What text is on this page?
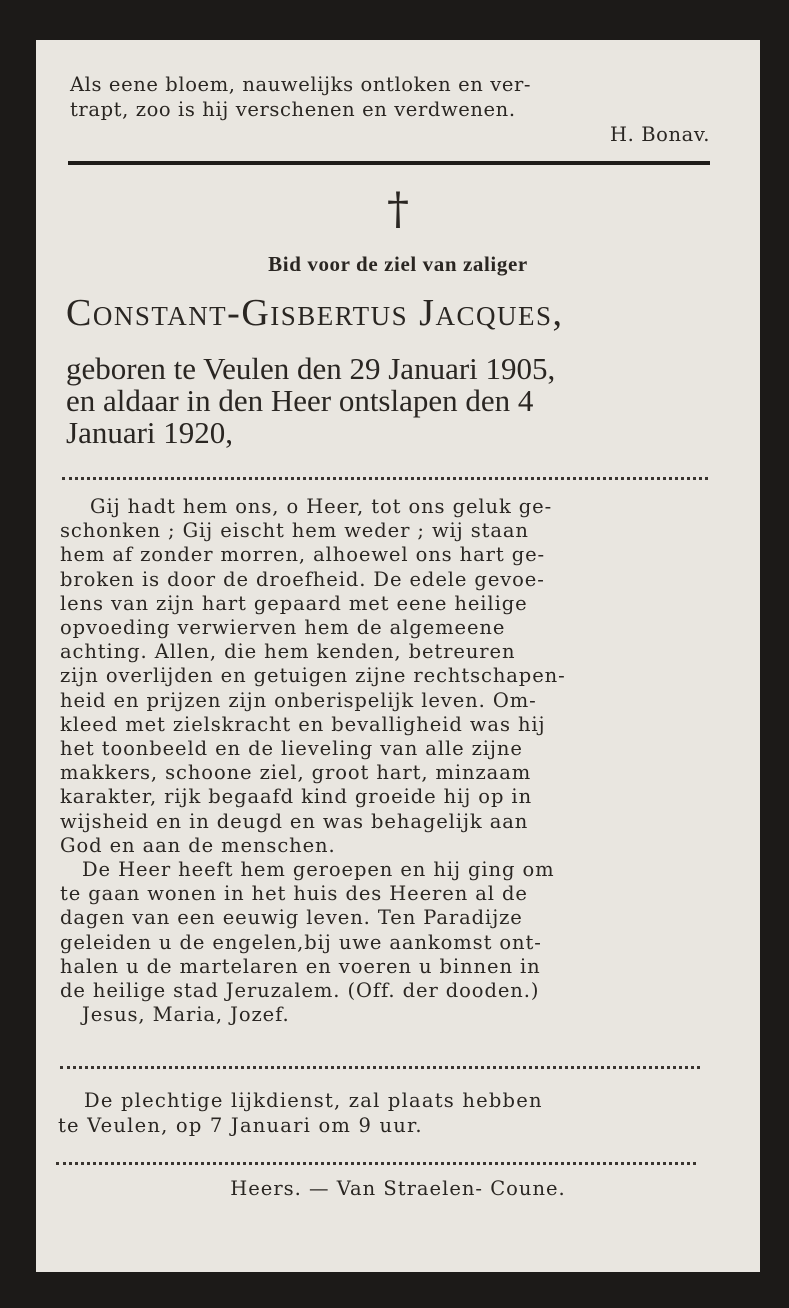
Als eene bloem, nauwelijks ontloken en ver-
trapt, zoo is hij verschenen en verdwenen.
H. Bonav.
†
Bid voor de ziel van zaliger
Constant-Gisbertus Jacques,
geboren te Veulen den 29 Januari 1905,
en aldaar in den Heer ontslapen den 4
Januari 1920,
Gij hadt hem ons, o Heer, tot ons geluk ge-
schonken ; Gij eischt hem weder ; wij staan
hem af zonder morren, alhoewel ons hart ge-
broken is door de droefheid. De edele gevoe-
lens van zijn hart gepaard met eene heilige
opvoeding verwierven hem de algemeene
achting. Allen, die hem kenden, betreuren
zijn overlijden en getuigen zijne rechtschapen-
heid en prijzen zijn onberispelijk leven. Om-
kleed met zielskracht en bevalligheid was hij
het toonbeeld en de lieveling van alle zijne
makkers, schoone ziel, groot hart, minzaam
karakter, rijk begaafd kind groeide hij op in
wijsheid en in deugd en was behagelijk aan
God en aan de menschen.
De Heer heeft hem geroepen en hij ging om
te gaan wonen in het huis des Heeren al de
dagen van een eeuwig leven. Ten Paradijze
geleiden u de engelen,bij uwe aankomst ont-
halen u de martelaren en voeren u binnen in
de heilige stad Jeruzalem. (Off. der dooden.)
Jesus, Maria, Jozef.
De plechtige lijkdienst, zal plaats hebben
te Veulen, op 7 Januari om 9 uur.
Heers. — Van Straelen- Coune.
